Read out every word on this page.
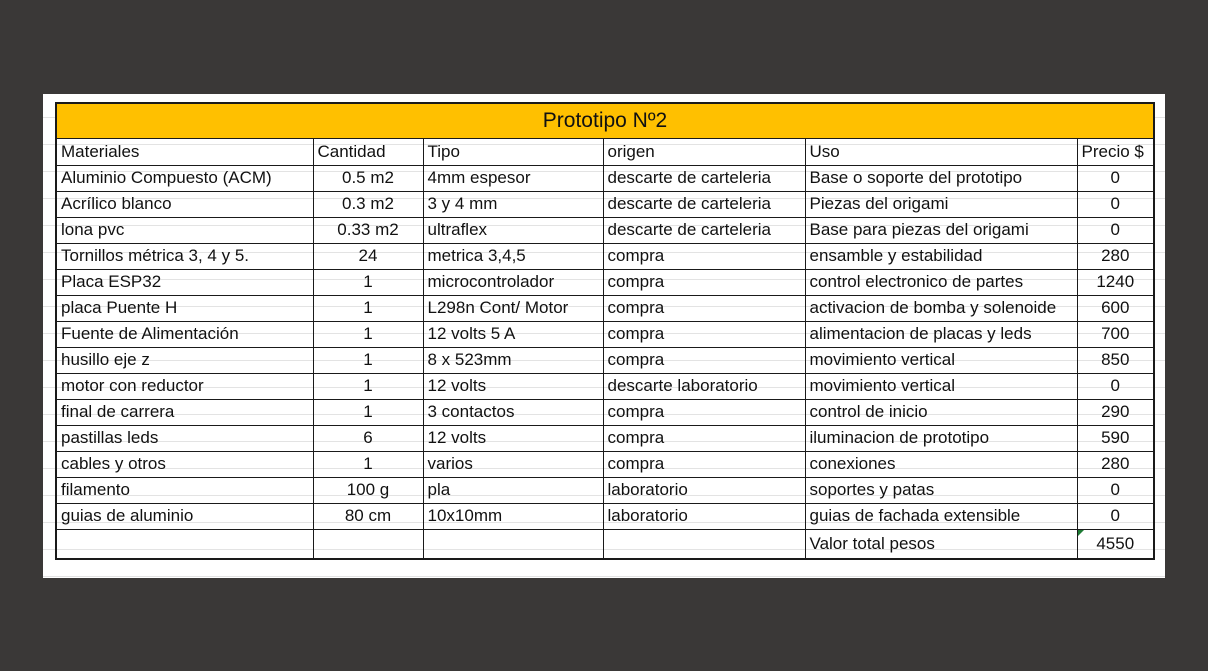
Prototipo Nº2
Materiales	Cantidad	Tipo	origen	Uso	Precio $
Aluminio Compuesto (ACM)	0.5 m2	4mm espesor	descarte de carteleria	Base o soporte del prototipo	0
Acrílico blanco	0.3 m2	3 y 4 mm	descarte de carteleria	Piezas del origami	0
lona pvc	0.33 m2	ultraflex	descarte de carteleria	Base para piezas del origami	0
Tornillos métrica 3, 4 y 5.	24	metrica 3,4,5	compra	ensamble y estabilidad	280
Placa ESP32	1	microcontrolador	compra	control electronico de partes	1240
placa Puente H	1	L298n Cont/ Motor	compra	activacion de bomba y solenoide	600
Fuente de Alimentación	1	12 volts 5 A	compra	alimentacion de placas y leds	700
husillo eje z	1	8 x 523mm	compra	movimiento vertical	850
motor con reductor	1	12 volts	descarte laboratorio	movimiento vertical	0
final de carrera	1	3 contactos	compra	control de inicio	290
pastillas leds	6	12 volts	compra	iluminacion de prototipo	590
cables y otros	1	varios	compra	conexiones	280
filamento	100 g	pla	laboratorio	soportes y patas	0
guias de aluminio	80 cm	10x10mm	laboratorio	guias de fachada extensible	0
				Valor total pesos	4550
